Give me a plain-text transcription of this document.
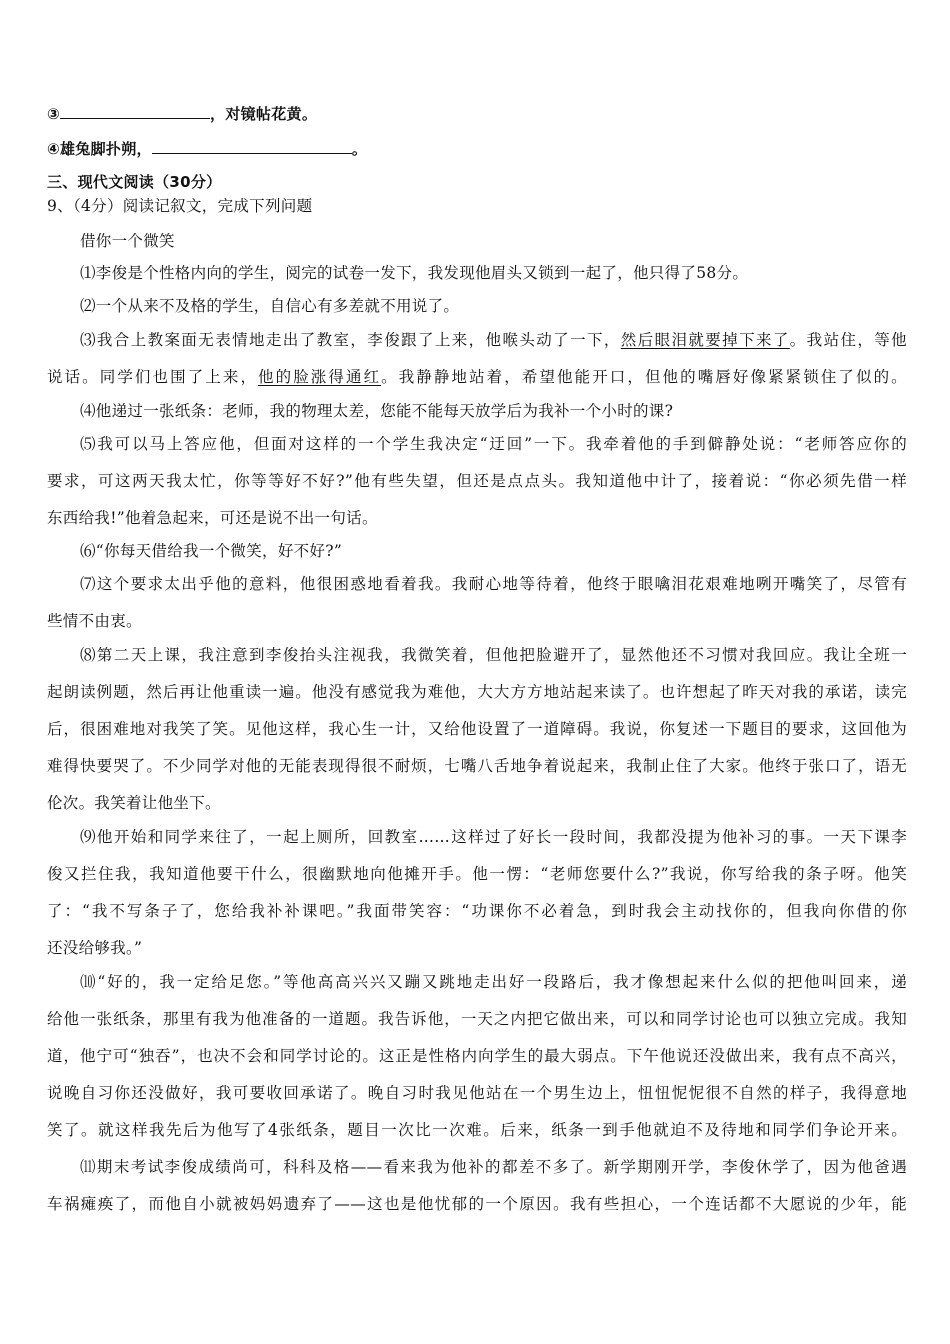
③	，对镜帖花黄。
④雄兔脚扑朔，	。
三、现代文阅读（30分）
9、（4分）阅读记叙文，完成下列问题
借你一个微笑
⑴李俊是个性格内向的学生，阅完的试卷一发下，我发现他眉头又锁到一起了，他只得了58分。
⑵一个从来不及格的学生，自信心有多差就不用说了。
⑶我合上教案面无表情地走出了教室，李俊跟了上来，他喉头动了一下，然后眼泪就要掉下来了。我站住，等他
说话。同学们也围了上来，他的脸涨得通红。我静静地站着，希望他能开口，但他的嘴唇好像紧紧锁住了似的。
⑷他递过一张纸条：老师，我的物理太差，您能不能每天放学后为我补一个小时的课?
⑸我可以马上答应他，但面对这样的一个学生我决定“迂回”一下。我牵着他的手到僻静处说：“老师答应你的
要求，可这两天我太忙，你等等好不好?”他有些失望，但还是点点头。我知道他中计了，接着说：“你必须先借一样
东西给我!”他着急起来，可还是说不出一句话。
⑹“你每天借给我一个微笑，好不好?”
⑺这个要求太出乎他的意料，他很困惑地看着我。我耐心地等待着，他终于眼噙泪花艰难地咧开嘴笑了，尽管有
些情不由衷。
⑻第二天上课，我注意到李俊抬头注视我，我微笑着，但他把脸避开了，显然他还不习惯对我回应。我让全班一
起朗读例题，然后再让他重读一遍。他没有感觉我为难他，大大方方地站起来读了。也许想起了昨天对我的承诺，读完
后，很困难地对我笑了笑。见他这样，我心生一计，又给他设置了一道障碍。我说，你复述一下题目的要求，这回他为
难得快要哭了。不少同学对他的无能表现得很不耐烦，七嘴八舌地争着说起来，我制止住了大家。他终于张口了，语无
伦次。我笑着让他坐下。
⑼他开始和同学来往了，一起上厕所，回教室……这样过了好长一段时间，我都没提为他补习的事。一天下课李
俊又拦住我，我知道他要干什么，很幽默地向他摊开手。他一愣：“老师您要什么?”我说，你写给我的条子呀。他笑
了：“我不写条子了，您给我补补课吧。”我面带笑容：“功课你不必着急，到时我会主动找你的，但我向你借的你
还没给够我。”
⑽“好的，我一定给足您。”等他高高兴兴又蹦又跳地走出好一段路后，我才像想起来什么似的把他叫回来，递
给他一张纸条，那里有我为他准备的一道题。我告诉他，一天之内把它做出来，可以和同学讨论也可以独立完成。我知
道，他宁可“独吞”，也决不会和同学讨论的。这正是性格内向学生的最大弱点。下午他说还没做出来，我有点不高兴，
说晚自习你还没做好，我可要收回承诺了。晚自习时我见他站在一个男生边上，忸忸怩怩很不自然的样子，我得意地
笑了。就这样我先后为他写了4张纸条，题目一次比一次难。后来，纸条一到手他就迫不及待地和同学们争论开来。
⑾期末考试李俊成绩尚可，科科及格——看来我为他补的都差不多了。新学期刚开学，李俊休学了，因为他爸遇
车祸瘫痪了，而他自小就被妈妈遗弃了——这也是他忧郁的一个原因。我有些担心，一个连话都不大愿说的少年，能
